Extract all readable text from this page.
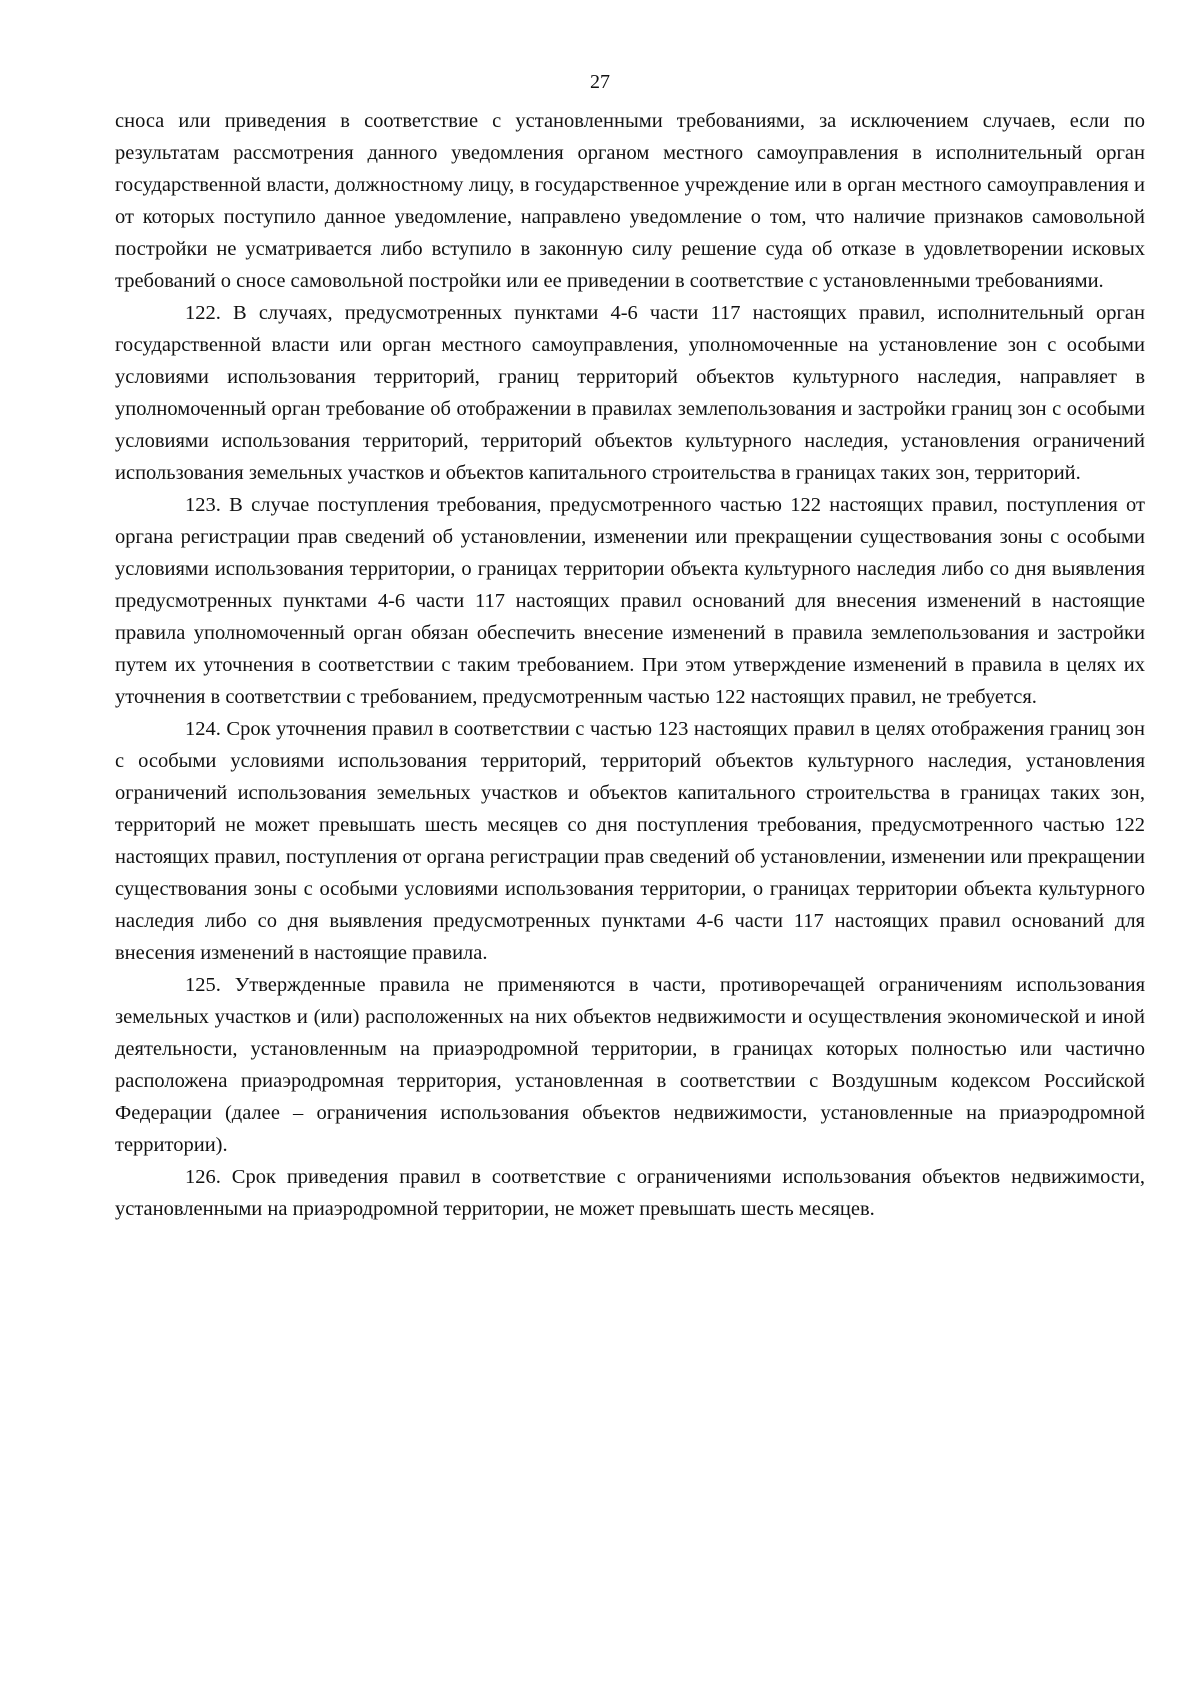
27

сноса или приведения в соответствие с установленными требованиями, за исключением случаев, если по результатам рассмотрения данного уведомления органом местного самоуправления в исполнительный орган государственной власти, должностному лицу, в государственное учреждение или в орган местного самоуправления и от которых поступило данное уведомление, направлено уведомление о том, что наличие признаков самовольной постройки не усматривается либо вступило в законную силу решение суда об отказе в удовлетворении исковых требований о сносе самовольной постройки или ее приведении в соответствие с установленными требованиями.

122. В случаях, предусмотренных пунктами 4-6 части 117 настоящих правил, исполнительный орган государственной власти или орган местного самоуправления, уполномоченные на установление зон с особыми условиями использования территорий, границ территорий объектов культурного наследия, направляет в уполномоченный орган требование об отображении в правилах землепользования и застройки границ зон с особыми условиями использования территорий, территорий объектов культурного наследия, установления ограничений использования земельных участков и объектов капитального строительства в границах таких зон, территорий.

123. В случае поступления требования, предусмотренного частью 122 настоящих правил, поступления от органа регистрации прав сведений об установлении, изменении или прекращении существования зоны с особыми условиями использования территории, о границах территории объекта культурного наследия либо со дня выявления предусмотренных пунктами 4-6 части 117 настоящих правил оснований для внесения изменений в настоящие правила уполномоченный орган обязан обеспечить внесение изменений в правила землепользования и застройки путем их уточнения в соответствии с таким требованием. При этом утверждение изменений в правила в целях их уточнения в соответствии с требованием, предусмотренным частью 122 настоящих правил, не требуется.

124. Срок уточнения правил в соответствии с частью 123 настоящих правил в целях отображения границ зон с особыми условиями использования территорий, территорий объектов культурного наследия, установления ограничений использования земельных участков и объектов капитального строительства в границах таких зон, территорий не может превышать шесть месяцев со дня поступления требования, предусмотренного частью 122 настоящих правил, поступления от органа регистрации прав сведений об установлении, изменении или прекращении существования зоны с особыми условиями использования территории, о границах территории объекта культурного наследия либо со дня выявления предусмотренных пунктами 4-6 части 117 настоящих правил оснований для внесения изменений в настоящие правила.

125. Утвержденные правила не применяются в части, противоречащей ограничениям использования земельных участков и (или) расположенных на них объектов недвижимости и осуществления экономической и иной деятельности, установленным на приаэродромной территории, в границах которых полностью или частично расположена приаэродромная территория, установленная в соответствии с Воздушным кодексом Российской Федерации (далее – ограничения использования объектов недвижимости, установленные на приаэродромной территории).

126. Срок приведения правил в соответствие с ограничениями использования объектов недвижимости, установленными на приаэродромной территории, не может превышать шесть месяцев.
